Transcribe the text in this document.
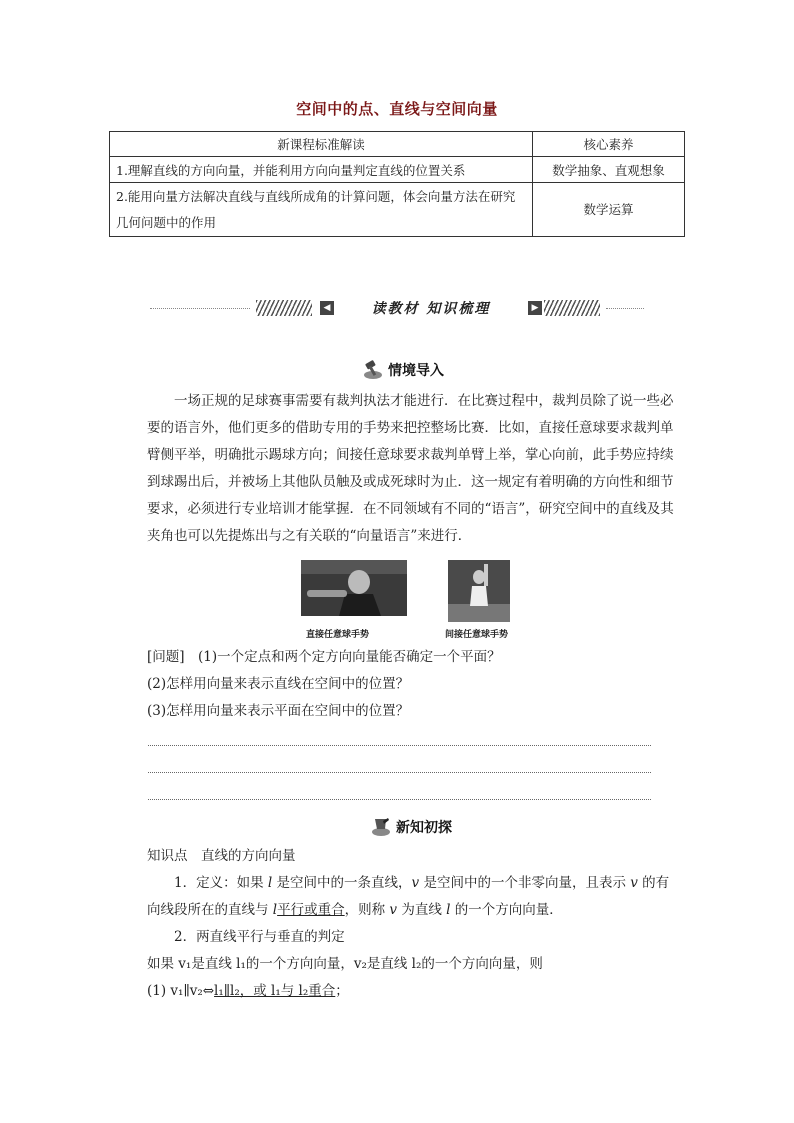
空间中的点、直线与空间向量
新课程标准解读	核心素养
1.理解直线的方向向量，并能利用方向向量判定直线的位置关系	数学抽象、直观想象
2.能用向量方法解决直线与直线所成角的计算问题，体会向量方法在研究几何问题中的作用	数学运算
◀	读教材 知识梳理	▶
情境导入

一场正规的足球赛事需要有裁判执法才能进行．在比赛过程中，裁判员除了说一些必要的语言外，他们更多的借助专用的手势来把控整场比赛．比如，直接任意球要求裁判单臂侧平举，明确批示踢球方向；间接任意球要求裁判单臂上举，掌心向前，此手势应持续到球踢出后，并被场上其他队员触及或成死球时为止．这一规定有着明确的方向性和细节要求，必须进行专业培训才能掌握．在不同领域有不同的“语言”，研究空间中的直线及其夹角也可以先提炼出与之有关联的“向量语言”来进行．

直接任意球手势	间接任意球手势

[问题]　(1)一个定点和两个定方向向量能否确定一个平面？

(2)怎样用向量来表示直线在空间中的位置？

(3)怎样用向量来表示平面在空间中的位置？

新知初探

知识点　直线的方向向量

1．定义：如果 l 是空间中的一条直线，v 是空间中的一个非零向量，且表示 v 的有向线段所在的直线与 l平行或重合，则称 v 为直线 l 的一个方向向量．

2．两直线平行与垂直的判定

如果 v₁是直线 l₁的一个方向向量，v₂是直线 l₂的一个方向向量，则

(1) v₁∥v₂⇔l₁∥l₂，或 l₁与 l₂重合；
